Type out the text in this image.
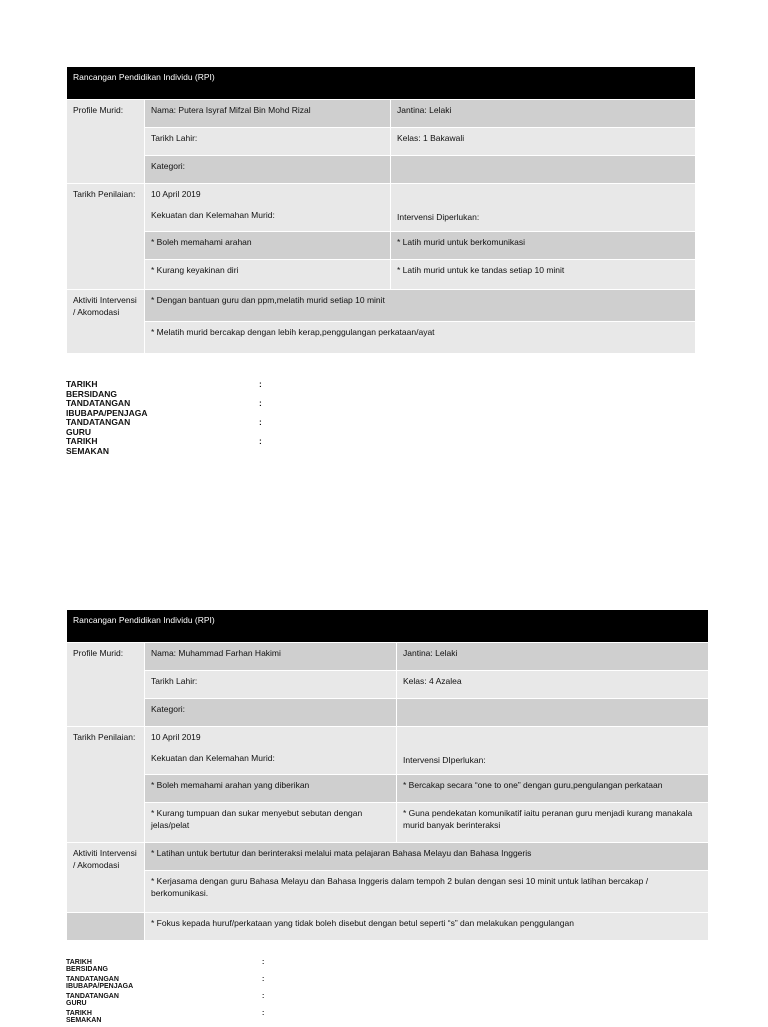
Rancangan Pendidikan Individu (RPI)		
Profile Murid:	Nama: Putera Isyraf Mifzal Bin Mohd Rizal	Jantina: Lelaki
	Tarikh Lahir:	Kelas: 1 Bakawali
	Kategori:	
Tarikh Penilaian:	10 April 2019
Kekuatan dan Kelemahan Murid:	Intervensi Diperlukan:
	* Boleh memahami arahan	* Latih murid untuk berkomunikasi
	* Kurang keyakinan diri	* Latih murid untuk ke tandas setiap 10 minit
Aktiviti Intervensi / Akomodasi	* Dengan bantuan guru dan ppm,melatih murid setiap 10 minit	
	* Melatih murid bercakap dengan lebih kerap,penggulangan perkataan/ayat	
TARIKH BERSIDANG
:
TANDATANGAN IBUBAPA/PENJAGA
:
TANDATANGAN GURU
:
TARIKH SEMAKAN
:
Rancangan Pendidikan Individu (RPI)		
Profile Murid:	Nama: Muhammad Farhan Hakimi	Jantina: Lelaki
	Tarikh Lahir:	Kelas: 4 Azalea
	Kategori:	
Tarikh Penilaian:	10 April 2019
Kekuatan dan Kelemahan Murid:	Intervensi DIperlukan:
	* Boleh memahami arahan yang diberikan	* Bercakap secara “one to one” dengan guru,pengulangan perkataan
	* Kurang tumpuan dan sukar menyebut sebutan dengan jelas/pelat	* Guna pendekatan komunikatif iaitu peranan guru menjadi kurang manakala murid banyak berinteraksi
Aktiviti Intervensi / Akomodasi	* Latihan untuk bertutur dan berinteraksi melalui mata pelajaran Bahasa Melayu dan Bahasa Inggeris	
	* Kerjasama dengan guru Bahasa Melayu dan Bahasa Inggeris dalam tempoh 2 bulan dengan sesi 10 minit untuk latihan bercakap / berkomunikasi.	
	* Fokus kepada huruf/perkataan yang tidak boleh disebut dengan betul seperti “s” dan melakukan penggulangan	
TARIKH BERSIDANG
:
TANDATANGAN IBUBAPA/PENJAGA
:
TANDATANGAN GURU
:
TARIKH SEMAKAN
:
